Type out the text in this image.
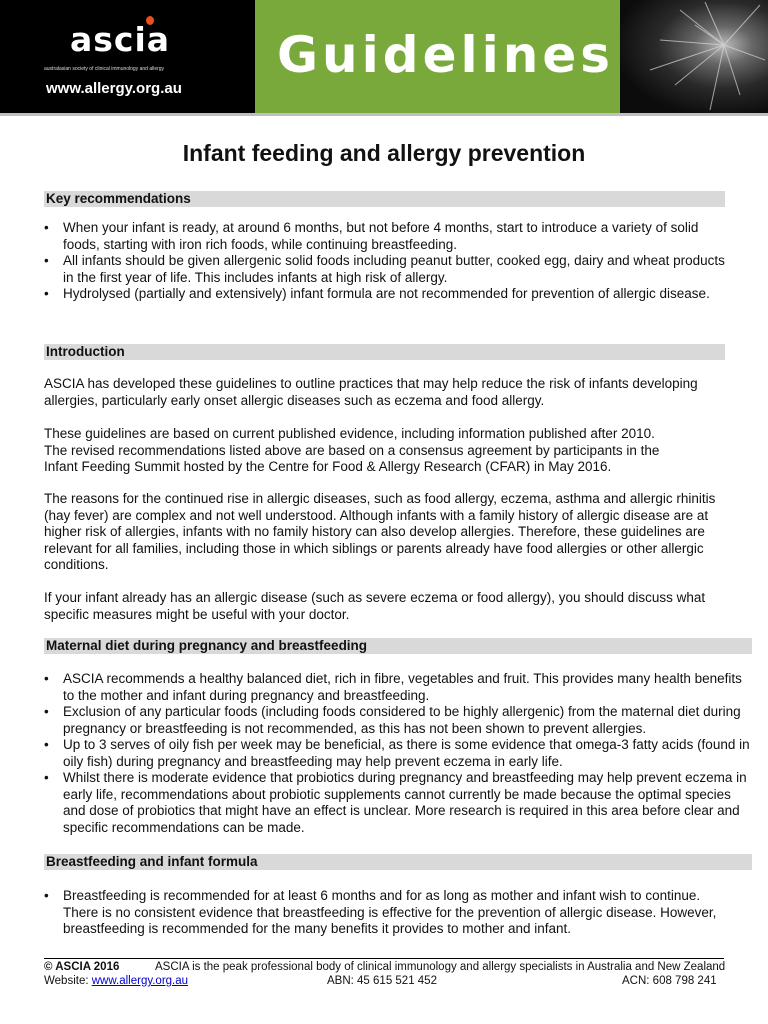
ascia
australasian society of clinical immunology and allergy
www.allergy.org.au
Guidelines
Infant feeding and allergy prevention
Key recommendations
• When your infant is ready, at around 6 months, but not before 4 months, start to introduce a variety of solid foods, starting with iron rich foods, while continuing breastfeeding.
• All infants should be given allergenic solid foods including peanut butter, cooked egg, dairy and wheat products in the first year of life. This includes infants at high risk of allergy.
• Hydrolysed (partially and extensively) infant formula are not recommended for prevention of allergic disease.
Introduction

ASCIA has developed these guidelines to outline practices that may help reduce the risk of infants developing allergies, particularly early onset allergic diseases such as eczema and food allergy.

These guidelines are based on current published evidence, including information published after 2010.
The revised recommendations listed above are based on a consensus agreement by participants in the
Infant Feeding Summit hosted by the Centre for Food & Allergy Research (CFAR) in May 2016.

The reasons for the continued rise in allergic diseases, such as food allergy, eczema, asthma and allergic rhinitis (hay fever) are complex and not well understood. Although infants with a family history of allergic disease are at higher risk of allergies, infants with no family history can also develop allergies. Therefore, these guidelines are relevant for all families, including those in which siblings or parents already have food allergies or other allergic conditions.

If your infant already has an allergic disease (such as severe eczema or food allergy), you should discuss what specific measures might be useful with your doctor.

Maternal diet during pregnancy and breastfeeding
• ASCIA recommends a healthy balanced diet, rich in fibre, vegetables and fruit. This provides many health benefits to the mother and infant during pregnancy and breastfeeding.
• Exclusion of any particular foods (including foods considered to be highly allergenic) from the maternal diet during pregnancy or breastfeeding is not recommended, as this has not been shown to prevent allergies.
• Up to 3 serves of oily fish per week may be beneficial, as there is some evidence that omega-3 fatty acids (found in oily fish) during pregnancy and breastfeeding may help prevent eczema in early life.
• Whilst there is moderate evidence that probiotics during pregnancy and breastfeeding may help prevent eczema in early life, recommendations about probiotic supplements cannot currently be made because the optimal species and dose of probiotics that might have an effect is unclear. More research is required in this area before clear and specific recommendations can be made.
Breastfeeding and infant formula
• Breastfeeding is recommended for at least 6 months and for as long as mother and infant wish to continue. There is no consistent evidence that breastfeeding is effective for the prevention of allergic disease. However, breastfeeding is recommended for the many benefits it provides to mother and infant.
© ASCIA 2016	ASCIA is the peak professional body of clinical immunology and allergy specialists in Australia and New Zealand
Website: www.allergy.org.au	ABN: 45 615 521 452	ACN: 608 798 241
